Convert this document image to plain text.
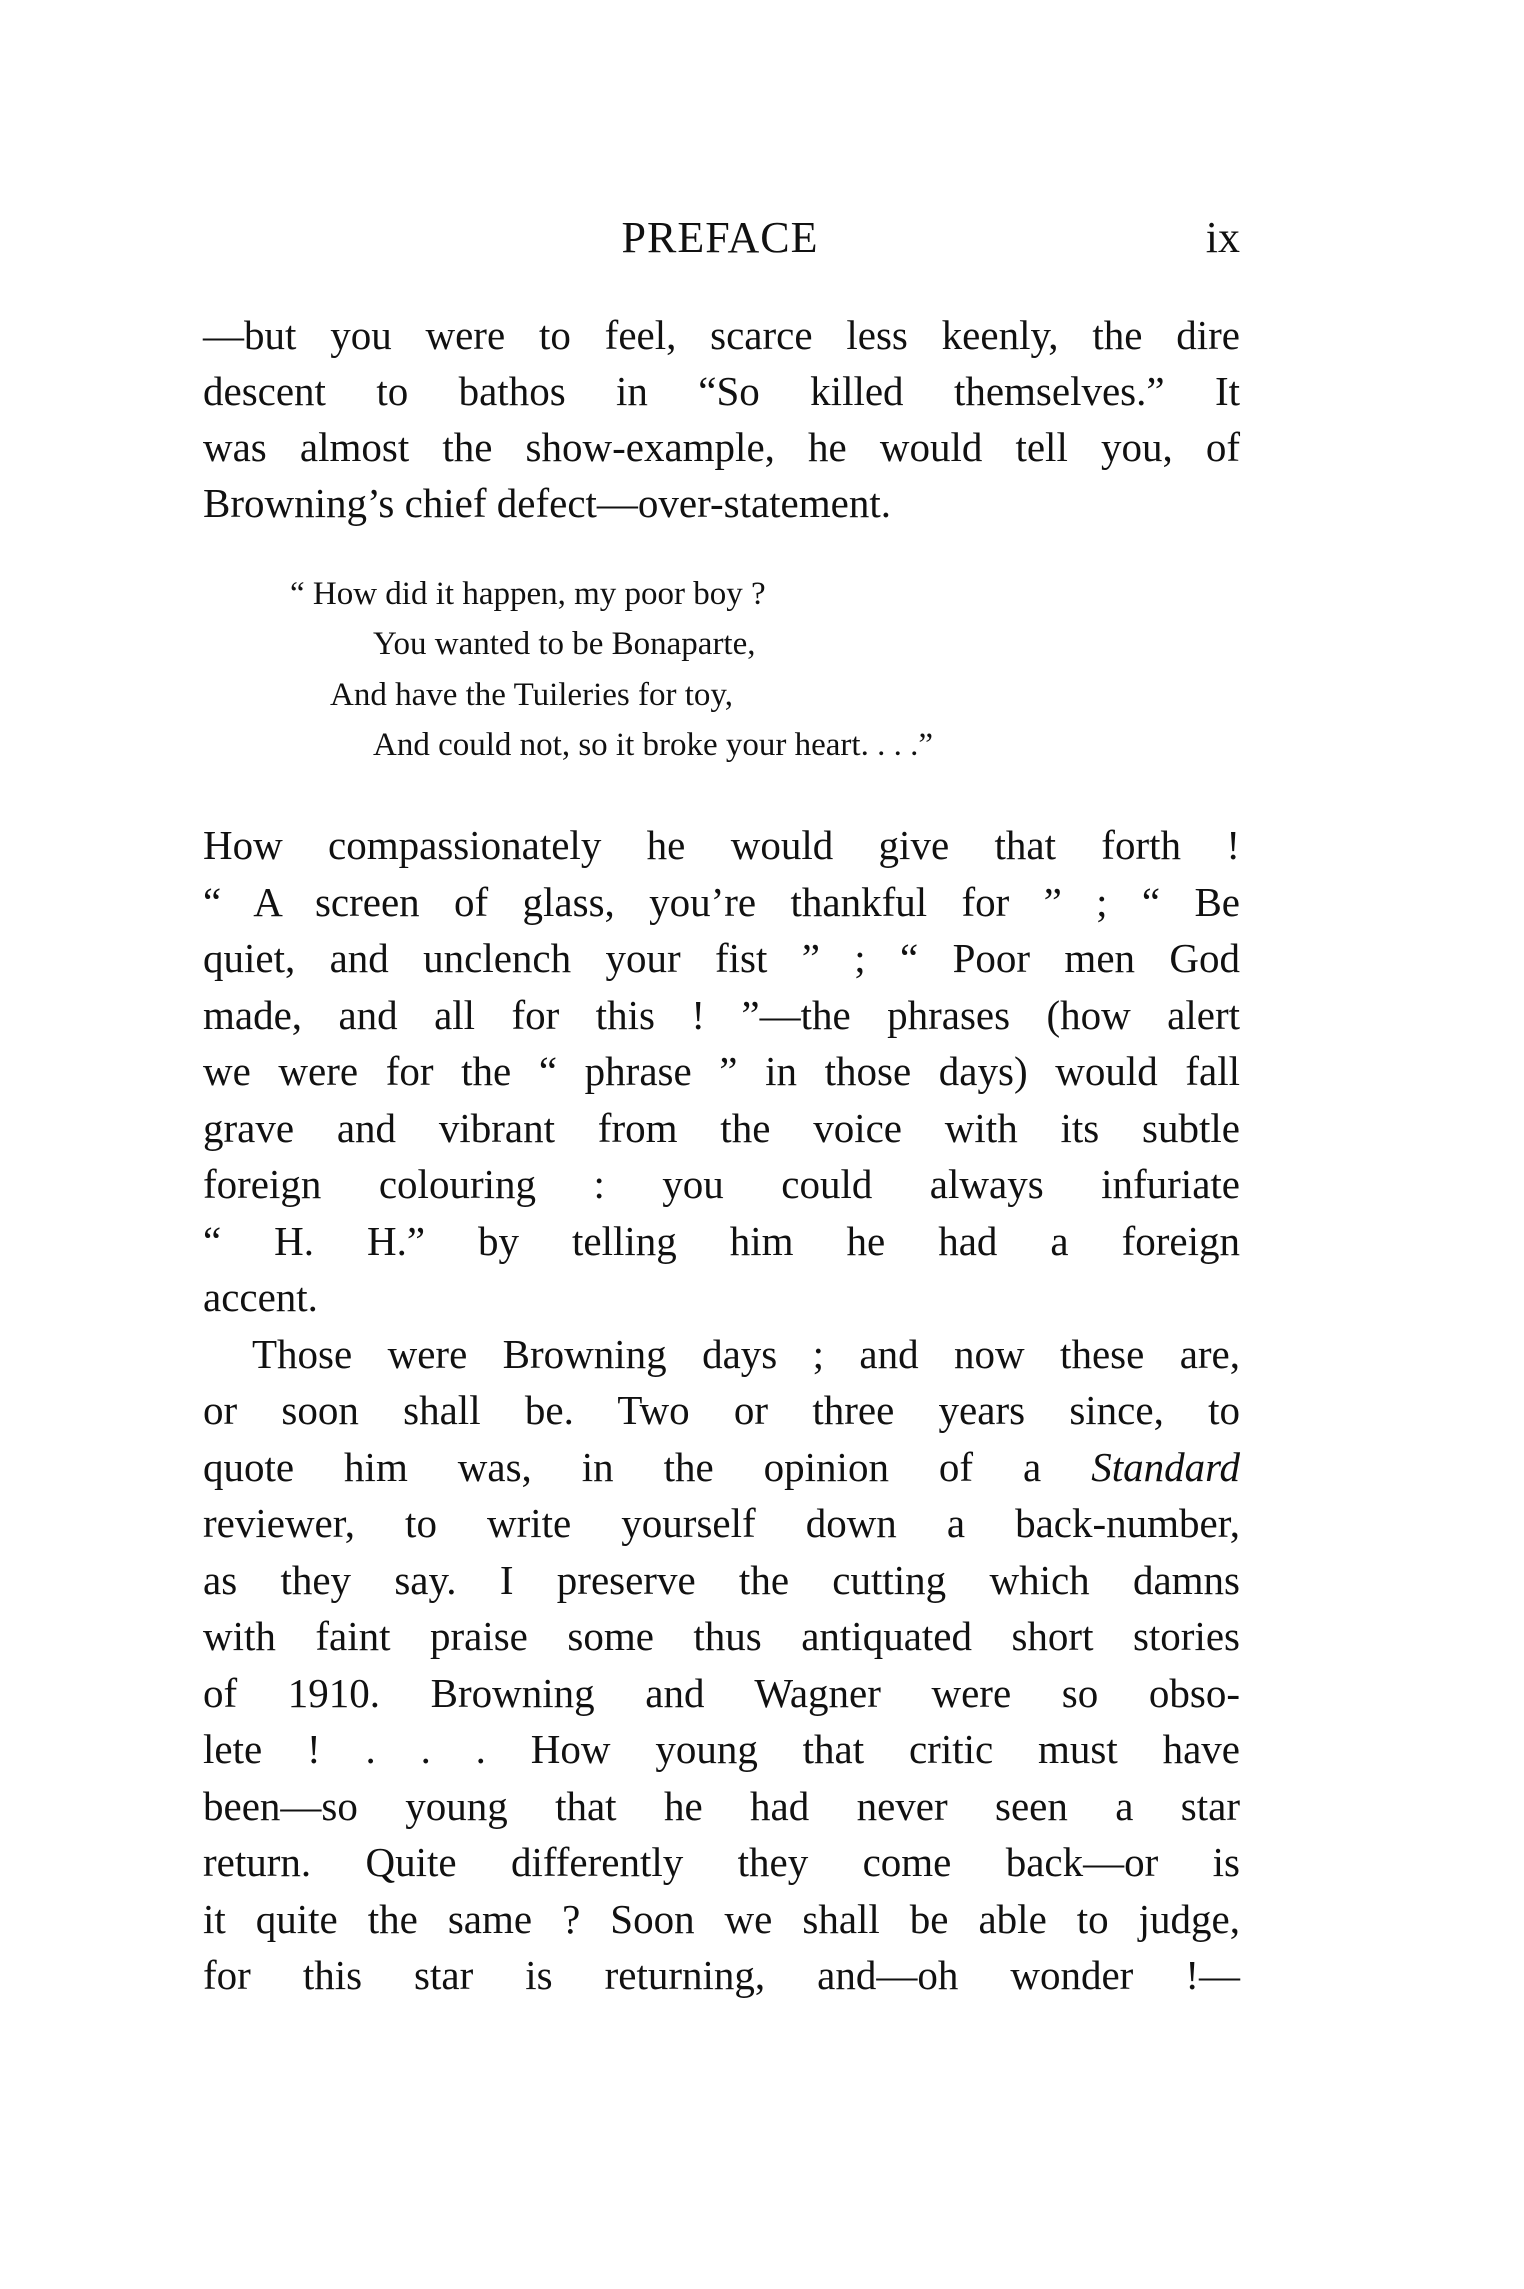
PREFACE	ix
—but you were to feel, scarce less keenly, the dire
descent to bathos in “So killed themselves.” It
was almost the show-example, he would tell you, of
Browning’s chief defect—over-statement.
“ How did it happen, my poor boy ?
You wanted to be Bonaparte,
And have the Tuileries for toy,
And could not, so it broke your heart. . . .”
How compassionately he would give that forth !
“ A screen of glass, you’re thankful for ” ; “ Be
quiet, and unclench your fist ” ; “ Poor men God
made, and all for this ! ”—the phrases (how alert
we were for the “ phrase ” in those days) would fall
grave and vibrant from the voice with its subtle
foreign colouring : you could always infuriate
“ H. H.” by telling him he had a foreign
accent.
Those were Browning days ; and now these are,
or soon shall be. Two or three years since, to
quote him was, in the opinion of a Standard
reviewer, to write yourself down a back-number,
as they say. I preserve the cutting which damns
with faint praise some thus antiquated short stories
of 1910. Browning and Wagner were so obso-
lete ! . . . How young that critic must have
been—so young that he had never seen a star
return. Quite differently they come back—or is
it quite the same ? Soon we shall be able to judge,
for this star is returning, and—oh wonder !—
